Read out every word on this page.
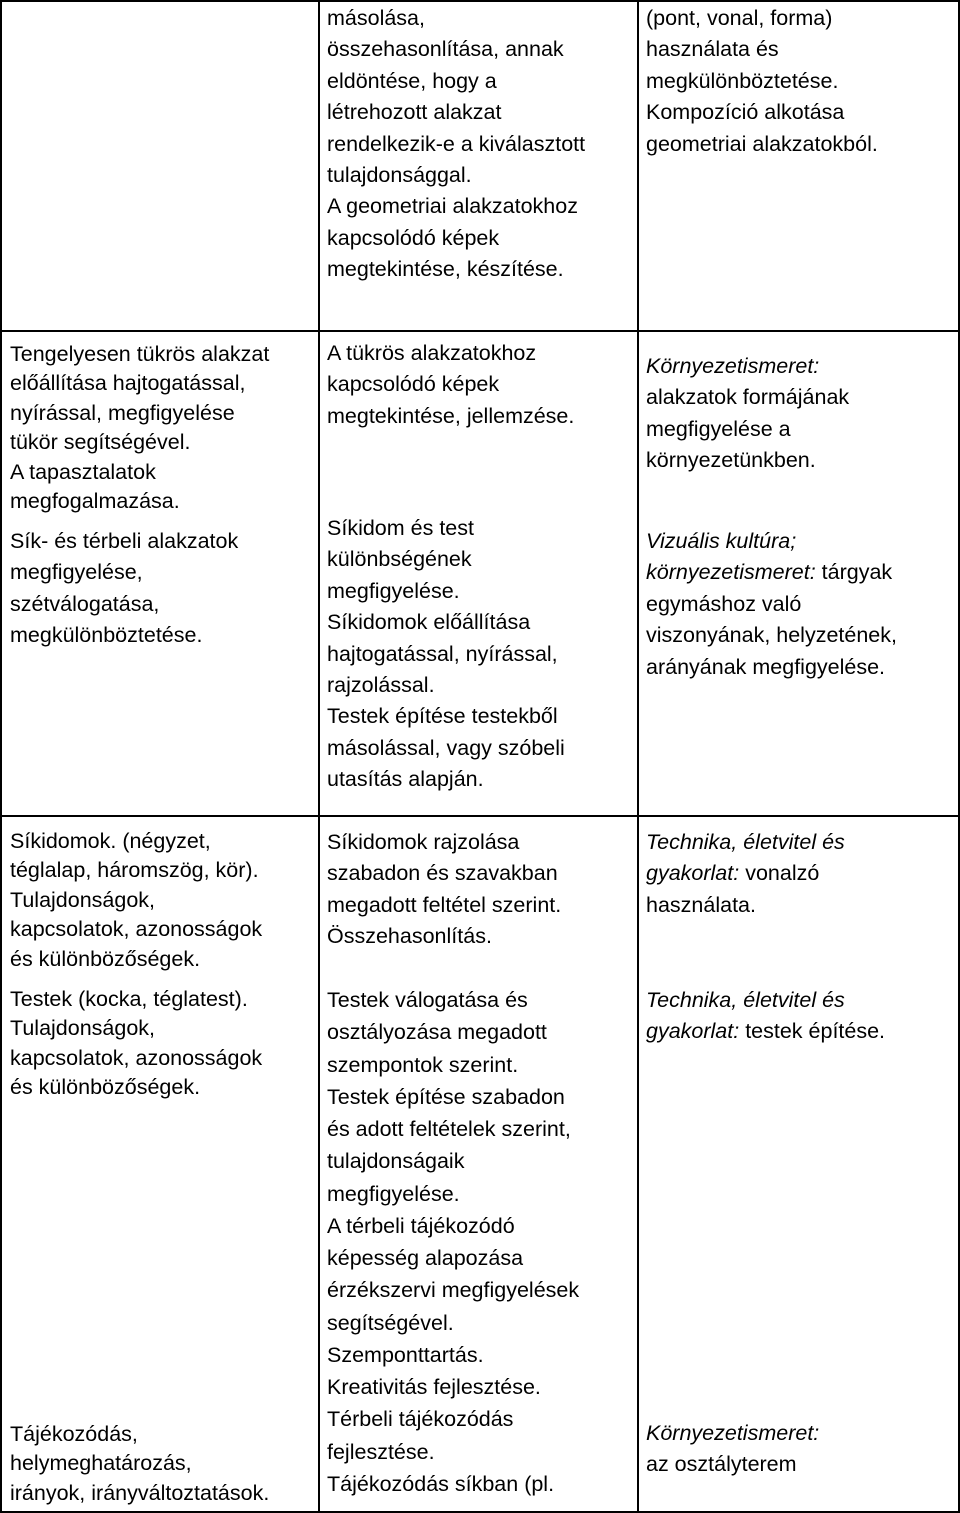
másolása,
összehasonlítása, annak
eldöntése, hogy a
létrehozott alakzat
rendelkezik-e a kiválasztott
tulajdonsággal.
A geometriai alakzatokhoz
kapcsolódó képek
megtekintése, készítése.
(pont, vonal, forma)
használata és
megkülönböztetése.
Kompozíció alkotása
geometriai alakzatokból.
Tengelyesen tükrös alakzat
előállítása hajtogatással,
nyírással, megfigyelése
tükör segítségével.
A tapasztalatok
megfogalmazása.
Sík- és térbeli alakzatok
megfigyelése,
szétválogatása,
megkülönböztetése.
A tükrös alakzatokhoz
kapcsolódó képek
megtekintése, jellemzése.
Síkidom és test
különbségének
megfigyelése.
Síkidomok előállítása
hajtogatással, nyírással,
rajzolással.
Testek építése testekből
másolással, vagy szóbeli
utasítás alapján.
Környezetismeret:
alakzatok formájának
megfigyelése a
környezetünkben.
Vizuális kultúra;
környezetismeret: tárgyak
egymáshoz való
viszonyának, helyzetének,
arányának megfigyelése.
Síkidomok. (négyzet,
téglalap, háromszög, kör).
Tulajdonságok,
kapcsolatok, azonosságok
és különbözőségek.
Testek (kocka, téglatest).
Tulajdonságok,
kapcsolatok, azonosságok
és különbözőségek.
Tájékozódás,
helymeghatározás,
irányok, irányváltoztatások.
Síkidomok rajzolása
szabadon és szavakban
megadott feltétel szerint.
Összehasonlítás.
Testek válogatása és
osztályozása megadott
szempontok szerint.
Testek építése szabadon
és adott feltételek szerint,
tulajdonságaik
megfigyelése.
A térbeli tájékozódó
képesség alapozása
érzékszervi megfigyelések
segítségével.
Szemponttartás.
Kreativitás fejlesztése.
Térbeli tájékozódás
fejlesztése.
Tájékozódás síkban (pl.
Technika, életvitel és
gyakorlat: vonalzó
használata.
Technika, életvitel és
gyakorlat: testek építése.
Környezetismeret:
az osztályterem
